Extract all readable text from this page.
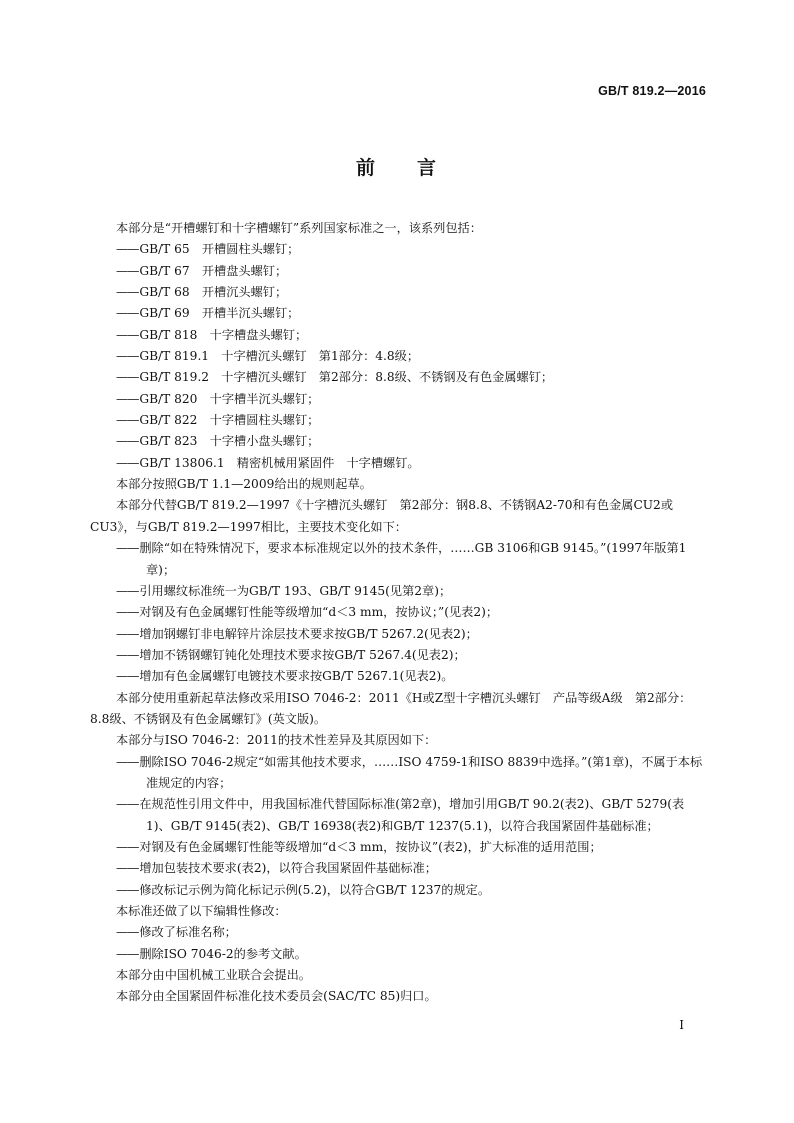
GB/T 819.2—2016
前 言

本部分是“开槽螺钉和十字槽螺钉”系列国家标准之一，该系列包括：

—— GB/T 65　开槽圆柱头螺钉；

—— GB/T 67　开槽盘头螺钉；

—— GB/T 68　开槽沉头螺钉；

—— GB/T 69　开槽半沉头螺钉；

—— GB/T 818　十字槽盘头螺钉；

—— GB/T 819.1　十字槽沉头螺钉　第1部分：4.8级；

—— GB/T 819.2　十字槽沉头螺钉　第2部分：8.8级、不锈钢及有色金属螺钉；

—— GB/T 820　十字槽半沉头螺钉；

—— GB/T 822　十字槽圆柱头螺钉；

—— GB/T 823　十字槽小盘头螺钉；

—— GB/T 13806.1　精密机械用紧固件　十字槽螺钉。

本部分按照GB/T 1.1—2009给出的规则起草。

本部分代替GB/T 819.2—1997《十字槽沉头螺钉　第2部分：钢8.8、不锈钢A2-70和有色金属CU2或CU3》，与GB/T 819.2—1997相比，主要技术变化如下：

—— 删除“如在特殊情况下，要求本标准规定以外的技术条件，……GB 3106和GB 9145。”(1997年版第1章)；

—— 引用螺纹标准统一为GB/T 193、GB/T 9145(见第2章)；

—— 对钢及有色金属螺钉性能等级增加“d＜3 mm，按协议；”(见表2)；

—— 增加钢螺钉非电解锌片涂层技术要求按GB/T 5267.2(见表2)；

—— 增加不锈钢螺钉钝化处理技术要求按GB/T 5267.4(见表2)；

—— 增加有色金属螺钉电镀技术要求按GB/T 5267.1(见表2)。

本部分使用重新起草法修改采用ISO 7046-2：2011《H或Z型十字槽沉头螺钉　产品等级A级　第2部分：8.8级、不锈钢及有色金属螺钉》(英文版)。

本部分与ISO 7046-2：2011的技术性差异及其原因如下：

—— 删除ISO 7046-2规定“如需其他技术要求，……ISO 4759-1和ISO 8839中选择。”(第1章)，不属于本标准规定的内容；

—— 在规范性引用文件中，用我国标准代替国际标准(第2章)，增加引用GB/T 90.2(表2)、GB/T 5279(表1)、GB/T 9145(表2)、GB/T 16938(表2)和GB/T 1237(5.1)，以符合我国紧固件基础标准；

—— 对钢及有色金属螺钉性能等级增加“d＜3 mm，按协议”(表2)，扩大标准的适用范围；

—— 增加包装技术要求(表2)，以符合我国紧固件基础标准；

—— 修改标记示例为简化标记示例(5.2)，以符合GB/T 1237的规定。

本标准还做了以下编辑性修改：

—— 修改了标准名称；

—— 删除ISO 7046-2的参考文献。

本部分由中国机械工业联合会提出。

本部分由全国紧固件标准化技术委员会(SAC/TC 85)归口。

I
